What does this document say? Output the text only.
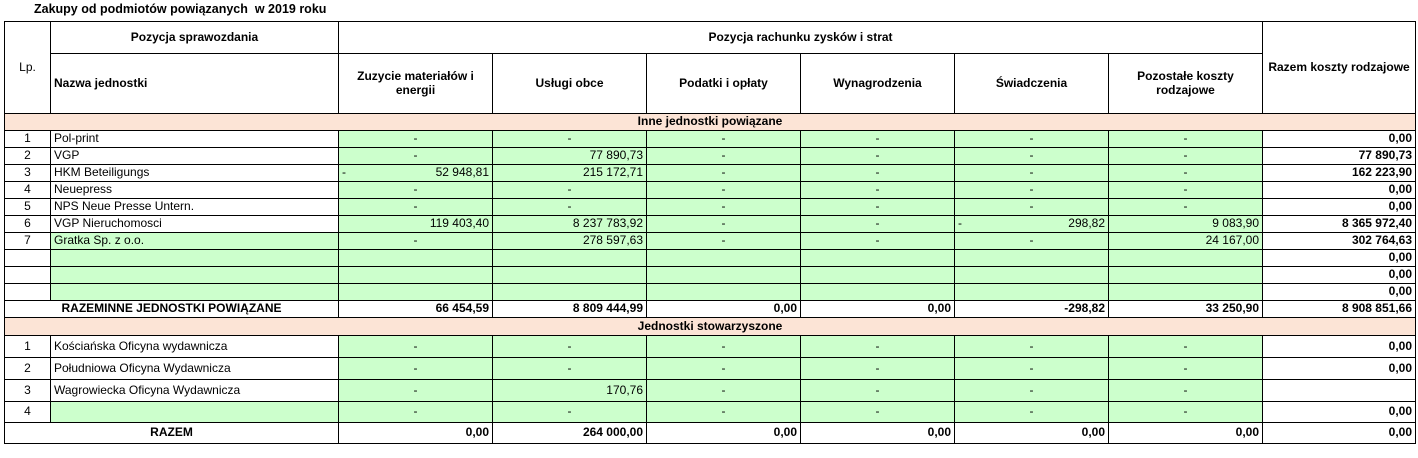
Zakupy od podmiotów powiązanych  w 2019 roku
Lp.	Pozycja sprawozdania	Pozycja rachunku zysków i strat						Razem koszty rodzajowe
	Nazwa jednostki	Zuzycie materiałów i energii	Usługi obce	Podatki i opłaty	Wynagrodzenia	Świadczenia	Pozostałe koszty rodzajowe	
Inne jednostki powiązane								
1	Pol-print	-	-	-	-	-	-	0,00
2	VGP	-	77 890,73	-	-	-	-	77 890,73
3	HKM Beteiligungs	- 52 948,81	215 172,71	-	-	-	-	162 223,90
4	Neuepress	-	-	-	-	-	-	0,00
5	NPS Neue Presse Untern.	-	-	-	-	-	-	0,00
6	VGP Nieruchomosci	119 403,40	8 237 783,92	-	-	- 298,82	9 083,90	8 365 972,40
7	Gratka Sp. z o.o.	-	278 597,63	-	-	-	24 167,00	302 764,63
								0,00
								0,00
								0,00
RAZEMINNE JEDNOSTKI POWIĄZANE		66 454,59	8 809 444,99	0,00	0,00	-298,82	33 250,90	8 908 851,66
Jednostki stowarzyszone								
1	Kościańska Oficyna wydawnicza	-	-	-	-	-	-	0,00
2	Południowa Oficyna Wydawnicza	-	-	-	-	-	-	0,00
3	Wagrowiecka Oficyna Wydawnicza	-	170,76	-	-	-	-	
4		-	-	-	-	-	-	0,00
RAZEM		0,00	264 000,00	0,00	0,00	0,00	0,00	0,00
